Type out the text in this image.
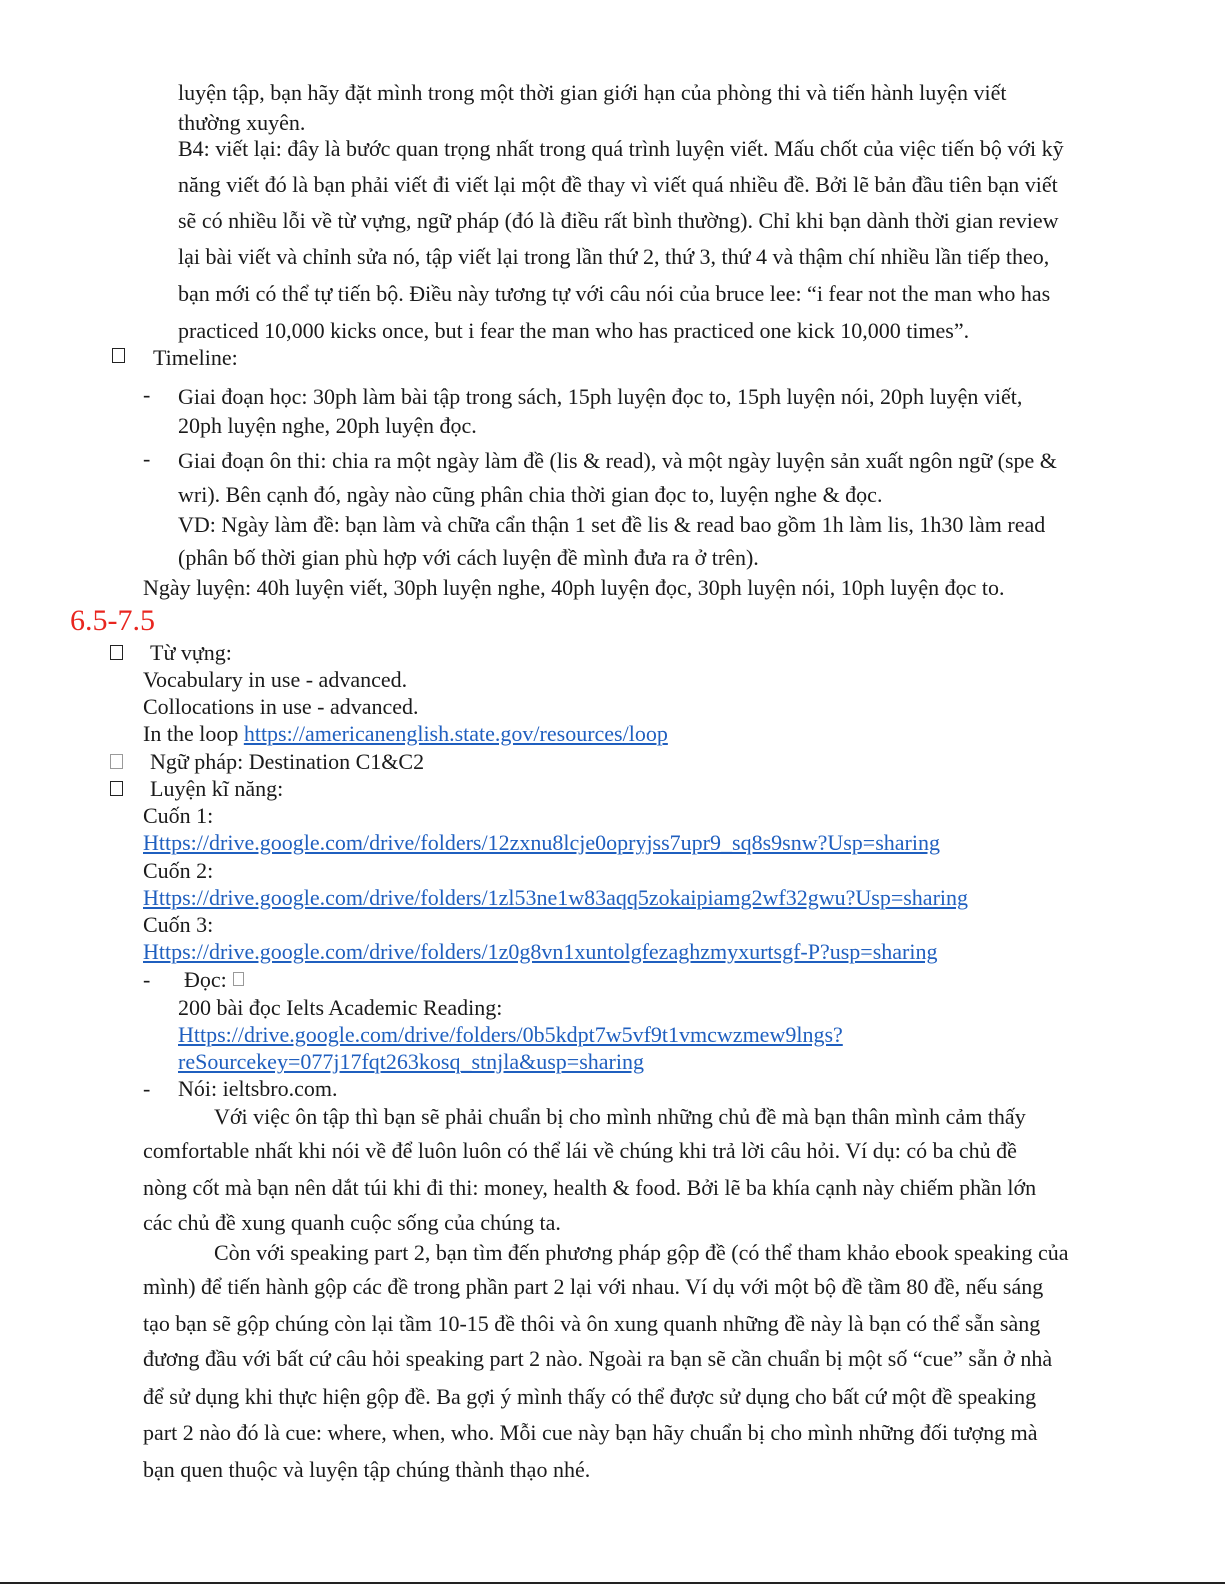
luyện tập, bạn hãy đặt mình trong một thời gian giới hạn của phòng thi và tiến hành luyện viết
thường xuyên.
B4: viết lại: đây là bước quan trọng nhất trong quá trình luyện viết. Mấu chốt của việc tiến bộ với kỹ
năng viết đó là bạn phải viết đi viết lại một đề thay vì viết quá nhiều đề. Bởi lẽ bản đầu tiên bạn viết
sẽ có nhiều lỗi về từ vựng, ngữ pháp (đó là điều rất bình thường). Chỉ khi bạn dành thời gian review
lại bài viết và chỉnh sửa nó, tập viết lại trong lần thứ 2, thứ 3, thứ 4 và thậm chí nhiều lần tiếp theo,
bạn mới có thể tự tiến bộ. Điều này tương tự với câu nói của bruce lee: “i fear not the man who has
practiced 10,000 kicks once, but i fear the man who has practiced one kick 10,000 times”.
Timeline:
- Giai đoạn học: 30ph làm bài tập trong sách, 15ph luyện đọc to, 15ph luyện nói, 20ph luyện viết,
20ph luyện nghe, 20ph luyện đọc.
- Giai đoạn ôn thi: chia ra một ngày làm đề (lis & read), và một ngày luyện sản xuất ngôn ngữ (spe &
wri). Bên cạnh đó, ngày nào cũng phân chia thời gian đọc to, luyện nghe & đọc.
VD: Ngày làm đề: bạn làm và chữa cẩn thận 1 set đề lis & read bao gồm 1h làm lis, 1h30 làm read
(phân bố thời gian phù hợp với cách luyện đề mình đưa ra ở trên).
Ngày luyện: 40h luyện viết, 30ph luyện nghe, 40ph luyện đọc, 30ph luyện nói, 10ph luyện đọc to.
6.5-7.5
Từ vựng:
Vocabulary in use - advanced.
Collocations in use - advanced.
In the loop https://americanenglish.state.gov/resources/loop
Ngữ pháp: Destination C1&C2
Luyện kĩ năng:
Cuốn 1:
Https://drive.google.com/drive/folders/12zxnu8lcje0opryjss7upr9_sq8s9snw?Usp=sharing
Cuốn 2:
Https://drive.google.com/drive/folders/1zl53ne1w83aqq5zokaipiamg2wf32gwu?Usp=sharing
Cuốn 3:
Https://drive.google.com/drive/folders/1z0g8vn1xuntolgfezaghzmyxurtsgf-P?usp=sharing
- Đọc:
200 bài đọc Ielts Academic Reading:
Https://drive.google.com/drive/folders/0b5kdpt7w5vf9t1vmcwzmew9lngs?
reSourcekey=077j17fqt263kosq_stnjla&usp=sharing
- Nói: ieltsbro.com.
Với việc ôn tập thì bạn sẽ phải chuẩn bị cho mình những chủ đề mà bạn thân mình cảm thấy
comfortable nhất khi nói về để luôn luôn có thể lái về chúng khi trả lời câu hỏi. Ví dụ: có ba chủ đề
nòng cốt mà bạn nên dắt túi khi đi thi: money, health & food. Bởi lẽ ba khía cạnh này chiếm phần lớn
các chủ đề xung quanh cuộc sống của chúng ta.
Còn với speaking part 2, bạn tìm đến phương pháp gộp đề (có thể tham khảo ebook speaking của
mình) để tiến hành gộp các đề trong phần part 2 lại với nhau. Ví dụ với một bộ đề tầm 80 đề, nếu sáng
tạo bạn sẽ gộp chúng còn lại tầm 10-15 đề thôi và ôn xung quanh những đề này là bạn có thể sẵn sàng
đương đầu với bất cứ câu hỏi speaking part 2 nào. Ngoài ra bạn sẽ cần chuẩn bị một số “cue” sẵn ở nhà
để sử dụng khi thực hiện gộp đề. Ba gợi ý mình thấy có thể được sử dụng cho bất cứ một đề speaking
part 2 nào đó là cue: where, when, who. Mỗi cue này bạn hãy chuẩn bị cho mình những đối tượng mà
bạn quen thuộc và luyện tập chúng thành thạo nhé.
